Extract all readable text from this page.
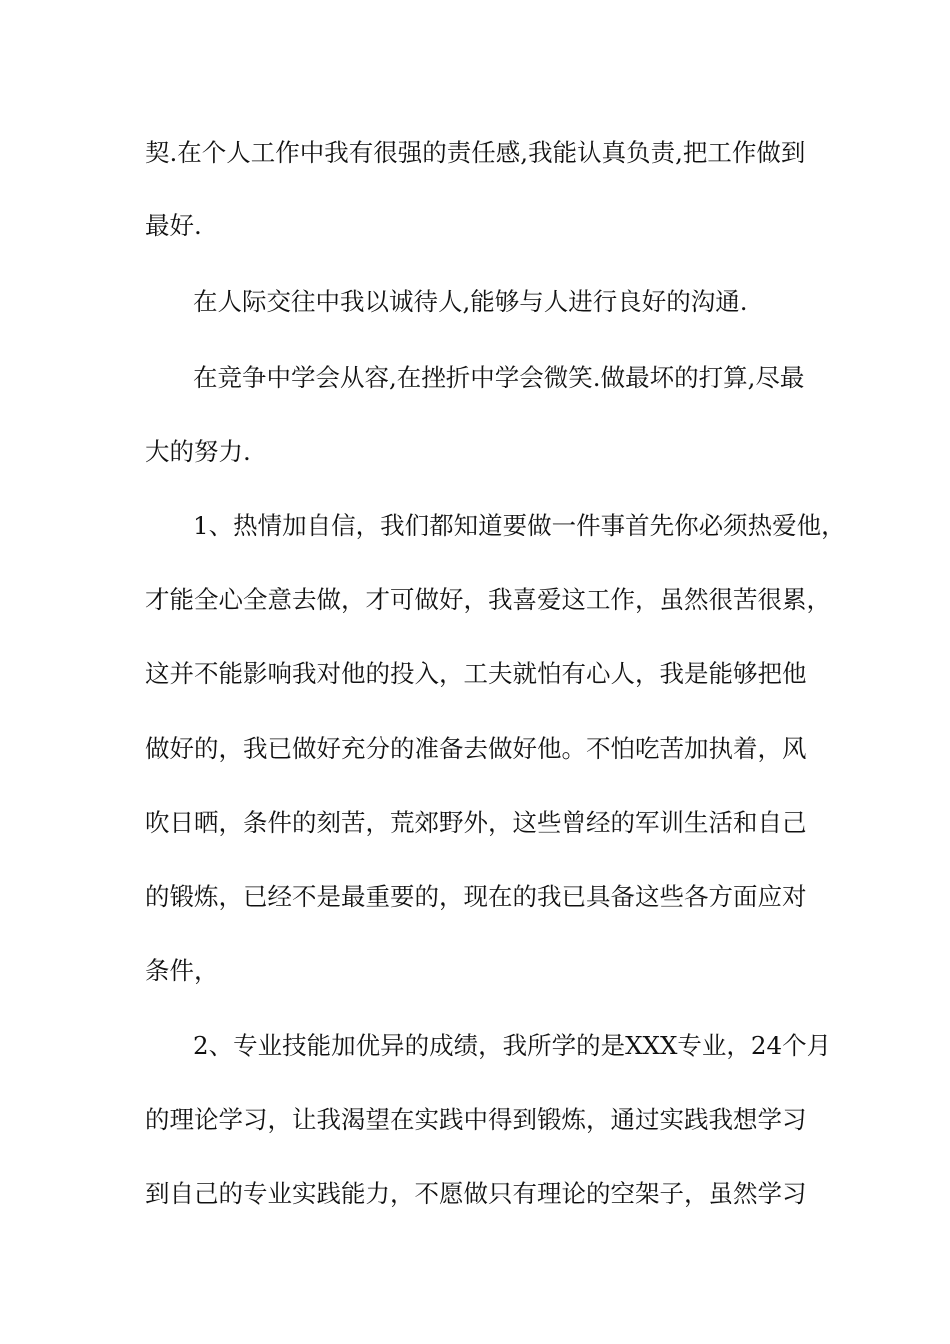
契.在个人工作中我有很强的责任感,我能认真负责,把工作做到
最好.
在人际交往中我以诚待人,能够与人进行良好的沟通.
在竞争中学会从容,在挫折中学会微笑.做最坏的打算,尽最
大的努力.
1、热情加自信，我们都知道要做一件事首先你必须热爱他，
才能全心全意去做，才可做好，我喜爱这工作，虽然很苦很累，
这并不能影响我对他的投入，工夫就怕有心人，我是能够把他
做好的，我已做好充分的准备去做好他。不怕吃苦加执着，风
吹日晒，条件的刻苦，荒郊野外，这些曾经的军训生活和自己
的锻炼，已经不是最重要的，现在的我已具备这些各方面应对
条件，
2、专业技能加优异的成绩，我所学的是XXX专业，24个月
的理论学习，让我渴望在实践中得到锻炼，通过实践我想学习
到自己的专业实践能力，不愿做只有理论的空架子，虽然学习
